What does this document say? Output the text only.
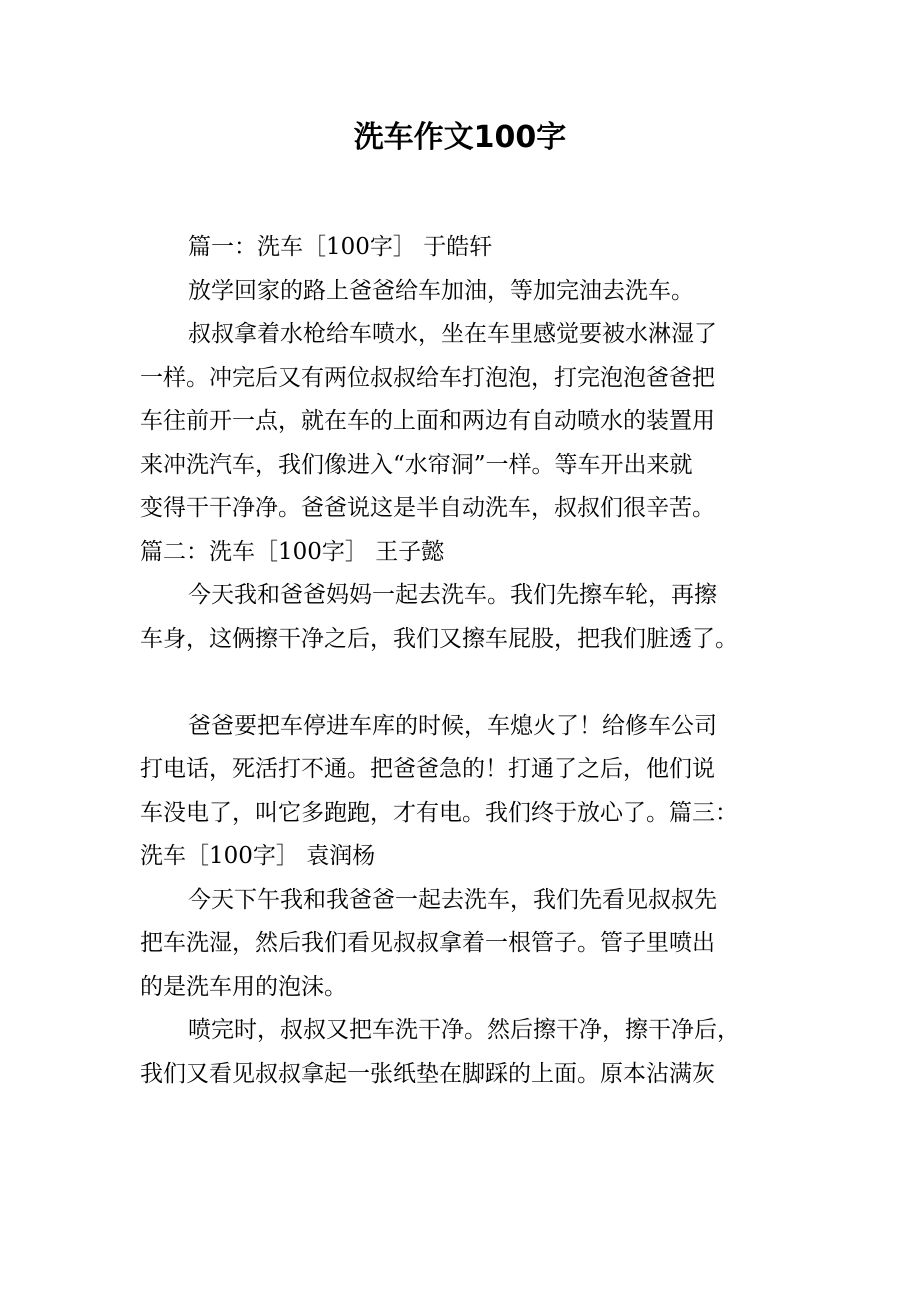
洗车作文100字
篇一：洗车［100字］ 于皓轩
放学回家的路上爸爸给车加油，等加完油去洗车。
叔叔拿着水枪给车喷水，坐在车里感觉要被水淋湿了
一样。冲完后又有两位叔叔给车打泡泡，打完泡泡爸爸把
车往前开一点，就在车的上面和两边有自动喷水的装置用
来冲洗汽车，我们像进入“水帘洞”一样。等车开出来就
变得干干净净。爸爸说这是半自动洗车，叔叔们很辛苦。
篇二：洗车［100字］ 王子懿
今天我和爸爸妈妈一起去洗车。我们先擦车轮，再擦
车身，这俩擦干净之后，我们又擦车屁股，把我们脏透了。
爸爸要把车停进车库的时候，车熄火了！给修车公司
打电话，死活打不通。把爸爸急的！打通了之后，他们说
车没电了，叫它多跑跑，才有电。我们终于放心了。篇三：
洗车［100字］ 袁润杨
今天下午我和我爸爸一起去洗车，我们先看见叔叔先
把车洗湿，然后我们看见叔叔拿着一根管子。管子里喷出
的是洗车用的泡沫。
喷完时，叔叔又把车洗干净。然后擦干净，擦干净后，
我们又看见叔叔拿起一张纸垫在脚踩的上面。原本沾满灰
